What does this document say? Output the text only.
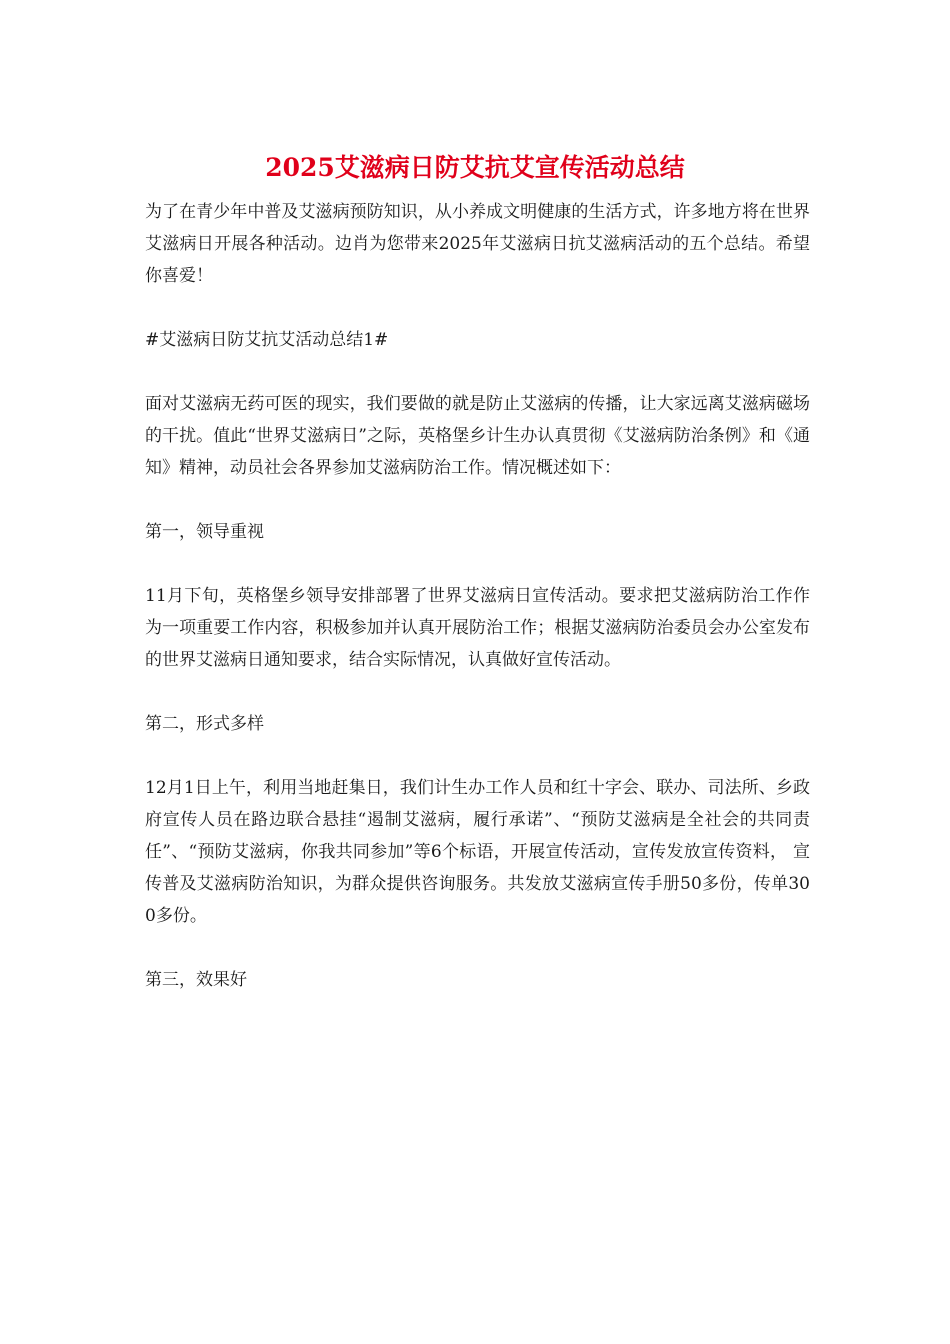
2025艾滋病日防艾抗艾宣传活动总结

为了在青少年中普及艾滋病预防知识，从小养成文明健康的生活方式，许多地方将在世界艾滋病日开展各种活动。边肖为您带来2025年艾滋病日抗艾滋病活动的五个总结。希望你喜爱！

#艾滋病日防艾抗艾活动总结1#

面对艾滋病无药可医的现实，我们要做的就是防止艾滋病的传播，让大家远离艾滋病磁场的干扰。值此“世界艾滋病日”之际，英格堡乡计生办认真贯彻《艾滋病防治条例》和《通知》精神，动员社会各界参加艾滋病防治工作。情况概述如下：

第一，领导重视

11月下旬，英格堡乡领导安排部署了世界艾滋病日宣传活动。要求把艾滋病防治工作作为一项重要工作内容，积极参加并认真开展防治工作；根据艾滋病防治委员会办公室发布的世界艾滋病日通知要求，结合实际情况，认真做好宣传活动。

第二，形式多样

12月1日上午，利用当地赶集日，我们计生办工作人员和红十字会、联办、司法所、乡政府宣传人员在路边联合悬挂“遏制艾滋病，履行承诺”、“预防艾滋病是全社会的共同责任”、“预防艾滋病，你我共同参加”等6个标语，开展宣传活动，宣传发放宣传资料， 宣传普及艾滋病防治知识，为群众提供咨询服务。共发放艾滋病宣传手册50多份，传单300多份。

第三，效果好
